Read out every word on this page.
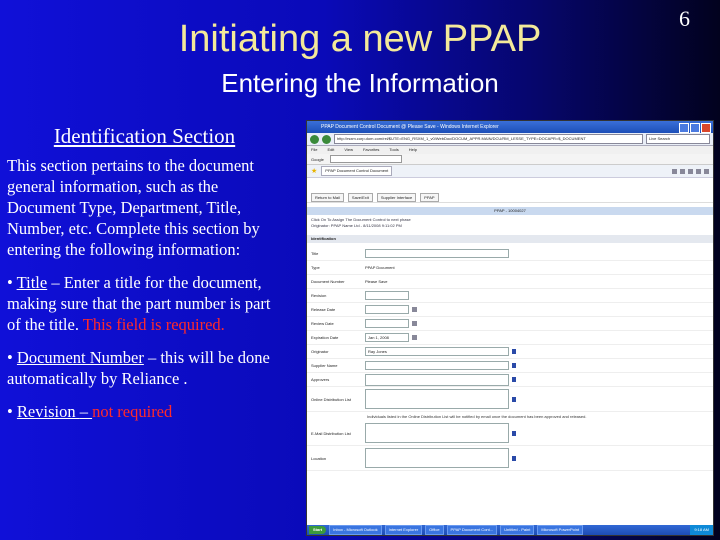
6
Initiating a new PPAP
Entering the Information
Identification Section

This section pertains to the document general information, such as the Document Type, Department, Title, Number, etc. Complete this section by entering the following information:

• Title – Enter a title for the document, making sure that the part number is part of the title. This field is required.

• Document Number – this will be done automatically by Reliance .

• Revision – not required

PPAP Document Control Document @ Please Save - Windows Internet Explorer
http://rsxm.corp.dom.com/rel/$UTE=ENG_RSXM_1_v0/WebDoc/DOCUM_APPR.MAIN/DCU/RM_LESSE_TYPE=DOCAPR=$_DOCUMENT	Live Search
File	Edit	View	Favorites	Tools	Help
Google
★	PPAP Document Control Document
Return to Mail	Save/Exit	Supplier Interface	PPAP
PPAP - 10004027
Click On To Assign The Document Control to next phase
Originator: PPAP Name Ltd - 8/11/2008 9:11:02 PM
Identification
Title
Type	PPAP Document
Document Number	Please Save
Revision
Release Date
Review Date
Expiration Date	Jan 1, 2008
Originator	Ray Jones
Supplier Name
Approvers
Online Distribution List
Individuals listed in the Online Distribution List will be notified by email once the document has been approved and released.
E-Mail Distribution List
Location
Start	Inbox - Microsoft Outlook	Internet Explorer	Office	PPAP Document Cont...	Untitled - Paint	Microsoft PowerPoint	9:18 AM
